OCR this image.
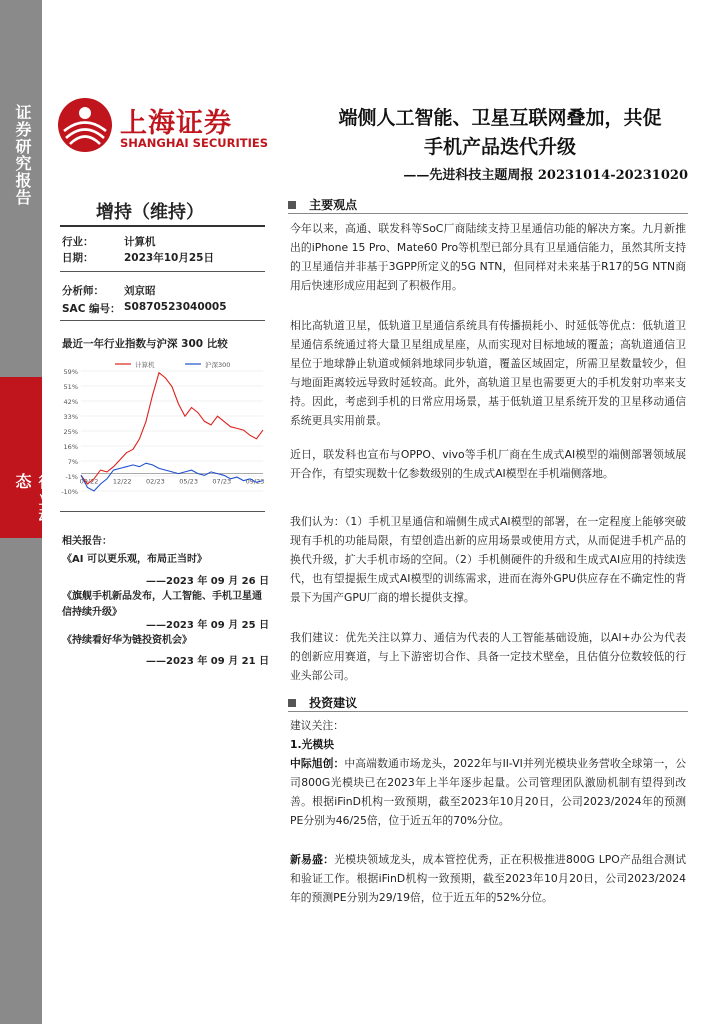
证券研究报告
行业动态
上海证券
SHANGHAI SECURITIES
端侧人工智能、卫星互联网叠加，共促
手机产品迭代升级
——先进科技主题周报 20231014-20231020
增持（维持）
行业：	计算机
日期：	2023年10月25日
分析师： 刘京昭
SAC 编号： S0870523040005
最近一年行业指数与沪深 300 比较
59%
51%
42%
33%
25%
16%
7%
-1%
-10%
09/22 12/22 02/23 05/23 07/23 09/23
计算机	沪深300
相关报告：
《AI 可以更乐观，布局正当时》
——2023 年 09 月 26 日
《旗舰手机新品发布，人工智能、手机卫星通信持续升级》
——2023 年 09 月 25 日
《持续看好华为链投资机会》
——2023 年 09 月 21 日
主要观点
今年以来，高通、联发科等SoC厂商陆续支持卫星通信功能的解决方案。九月新推出的iPhone 15 Pro、Mate60 Pro等机型已部分具有卫星通信能力，虽然其所支持的卫星通信并非基于3GPP所定义的5G NTN，但同样对未来基于R17的5G NTN商用后快速形成应用起到了积极作用。
相比高轨道卫星，低轨道卫星通信系统具有传播损耗小、时延低等优点：低轨道卫星通信系统通过将大量卫星组成星座，从而实现对目标地域的覆盖；高轨道通信卫星位于地球静止轨道或倾斜地球同步轨道，覆盖区域固定，所需卫星数量较少，但与地面距离较远导致时延较高。此外，高轨道卫星也需要更大的手机发射功率来支持。因此，考虑到手机的日常应用场景，基于低轨道卫星系统开发的卫星移动通信系统更具实用前景。
近日，联发科也宣布与OPPO、vivo等手机厂商在生成式AI模型的端侧部署领域展开合作，有望实现数十亿参数级别的生成式AI模型在手机端侧落地。
我们认为：（1）手机卫星通信和端侧生成式AI模型的部署，在一定程度上能够突破现有手机的功能局限，有望创造出新的应用场景或使用方式，从而促进手机产品的换代升级，扩大手机市场的空间。（2）手机侧硬件的升级和生成式AI应用的持续迭代，也有望提振生成式AI模型的训练需求，进而在海外GPU供应存在不确定性的背景下为国产GPU厂商的增长提供支撑。
我们建议：优先关注以算力、通信为代表的人工智能基础设施，以AI+办公为代表的创新应用赛道，与上下游密切合作、具备一定技术壁垒，且估值分位数较低的行业头部公司。
投资建议
建议关注：
1.光模块
中际旭创：中高端数通市场龙头，2022年与II-VI并列光模块业务营收全球第一，公司800G光模块已在2023年上半年逐步起量。公司管理团队激励机制有望得到改善。根据iFinD机构一致预期，截至2023年10月20日，公司2023/2024年的预测PE分别为46/25倍，位于近五年的70%分位。
新易盛：光模块领域龙头，成本管控优秀，正在积极推进800G LPO产品组合测试和验证工作。根据iFinD机构一致预期，截至2023年10月20日，公司2023/2024年的预测PE分别为29/19倍，位于近五年的52%分位。
